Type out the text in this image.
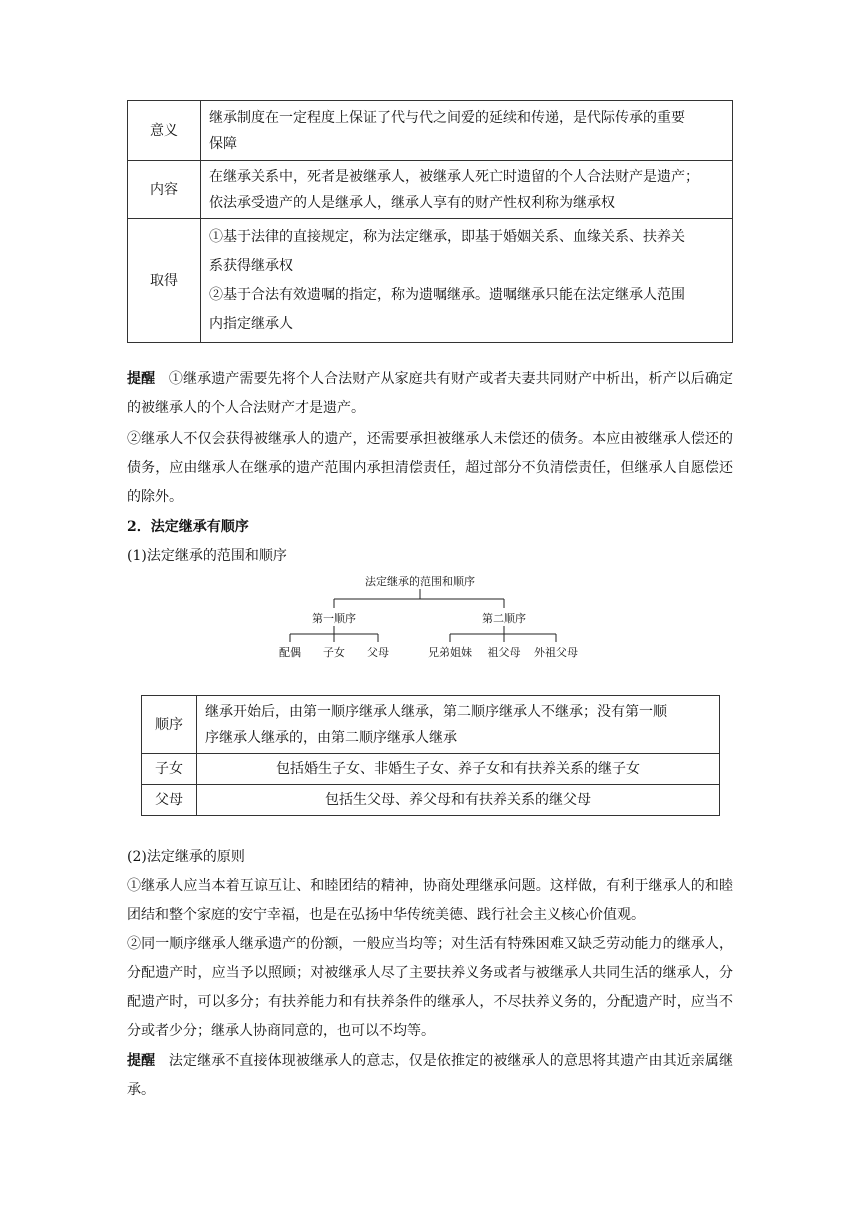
意义	继承制度在一定程度上保证了代与代之间爱的延续和传递，是代际传承的重要
保障

内容	在继承关系中，死者是被继承人，被继承人死亡时遗留的个人合法财产是遗产；
依法承受遗产的人是继承人，继承人享有的财产性权利称为继承权

取得	①基于法律的直接规定，称为法定继承，即基于婚姻关系、血缘关系、扶养关
系获得继承权
②基于合法有效遗嘱的指定，称为遗嘱继承。遗嘱继承只能在法定继承人范围
内指定继承人
提醒 ①继承遗产需要先将个人合法财产从家庭共有财产或者夫妻共同财产中析出，析产以后确定的被继承人的个人合法财产才是遗产。
②继承人不仅会获得被继承人的遗产，还需要承担被继承人未偿还的债务。本应由被继承人偿还的债务，应由继承人在继承的遗产范围内承担清偿责任，超过部分不负清偿责任，但继承人自愿偿还的除外。
2．法定继承有顺序
(1)法定继承的范围和顺序
法定继承的范围和顺序
第一顺序	第二顺序
配偶 子女 父母	兄弟姐妹 祖父母 外祖父母
顺序	继承开始后，由第一顺序继承人继承，第二顺序继承人不继承；没有第一顺
序继承人继承的，由第二顺序继承人继承

子女	包括婚生子女、非婚生子女、养子女和有扶养关系的继子女
父母	包括生父母、养父母和有扶养关系的继父母
(2)法定继承的原则
①继承人应当本着互谅互让、和睦团结的精神，协商处理继承问题。这样做，有利于继承人的和睦团结和整个家庭的安宁幸福，也是在弘扬中华传统美德、践行社会主义核心价值观。
②同一顺序继承人继承遗产的份额，一般应当均等；对生活有特殊困难又缺乏劳动能力的继承人，分配遗产时，应当予以照顾；对被继承人尽了主要扶养义务或者与被继承人共同生活的继承人，分配遗产时，可以多分；有扶养能力和有扶养条件的继承人，不尽扶养义务的，分配遗产时，应当不分或者少分；继承人协商同意的，也可以不均等。
提醒 法定继承不直接体现被继承人的意志，仅是依推定的被继承人的意思将其遗产由其近亲属继承。
